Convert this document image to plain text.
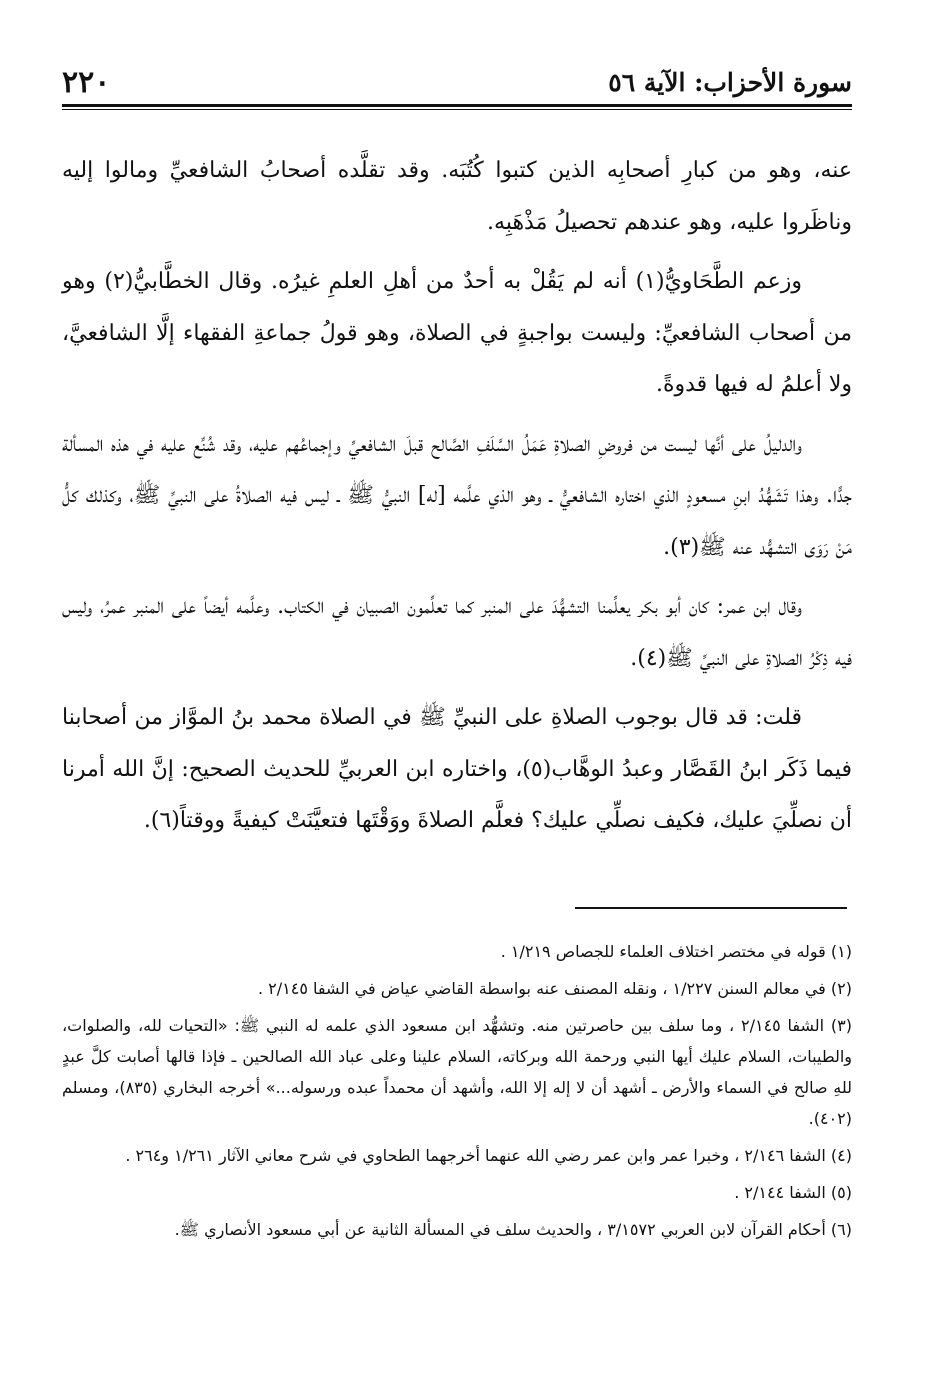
٢٢٠	سورة الأحزاب: الآية ٥٦

عنه، وهو من كبارِ أصحابِه الذين كتبوا كُتُبَه. وقد تقلَّده أصحابُ الشافعيِّ ومالوا إليه وناظَروا عليه، وهو عندهم تحصيلُ مَذْهَبِه.

وزعم الطَّحَاويُّ(١) أنه لم يَقُلْ به أحدٌ من أهلِ العلمِ غيرُه. وقال الخطَّابيُّ(٢) وهو من أصحاب الشافعيِّ: وليست بواجبةٍ في الصلاة، وهو قولُ جماعةِ الفقهاء إلَّا الشافعيَّ، ولا أعلمُ له فيها قدوةً.

والدليلُ على أنَّها ليست من فروضِ الصلاةِ عَمَلُ السَّلَفِ الصَّالح قبلَ الشافعيِّ وإجماعُهم عليه، وقد شُنِّع عليه في هذه المسألة جدًّا. وهذا تَشَهُّدُ ابنِ مسعودٍ الذي اختاره الشافعيُّ ـ وهو الذي علَّمه [له] النبيُّ ﷺ ـ ليس فيه الصلاةُ على النبيِّ ﷺ، وكذلك كلُّ مَنْ رَوَى التشهُّد عنه ﷺ(٣).

وقال ابن عمر: كان أبو بكر يعلِّمنا التشهُّدَ على المنبر كما تعلِّمون الصبيان في الكتاب. وعلَّمه أيضاً على المنبر عمرُ، وليس فيه ذِكْرُ الصلاةِ على النبيِّ ﷺ(٤).

قلت: قد قال بوجوب الصلاةِ على النبيِّ ﷺ في الصلاة محمد بنُ الموَّاز من أصحابنا فيما ذَكَر ابنُ القَصَّار وعبدُ الوهَّاب(٥)، واختاره ابن العربيِّ للحديث الصحيح: إنَّ الله أمرنا أن نصلِّيَ عليك، فكيف نصلِّي عليك؟ فعلَّم الصلاةَ ووَقْتَها فتعيَّنَتْ كيفيةً ووقتاً(٦).

(١) قوله في مختصر اختلاف العلماء للجصاص ١/٢١٩ .

(٢) في معالم السنن ١/٢٢٧ ، ونقله المصنف عنه بواسطة القاضي عياض في الشفا ٢/١٤٥ .

(٣) الشفا ٢/١٤٥ ، وما سلف بين حاصرتين منه. وتشهُّد ابن مسعود الذي علمه له النبي ﷺ: «التحيات لله، والصلوات، والطيبات، السلام عليك أيها النبي ورحمة الله وبركاته، السلام علينا وعلى عباد الله الصالحين ـ فإذا قالها أصابت كلَّ عبدٍ للهِ صالح في السماء والأرض ـ أشهد أن لا إله إلا الله، وأشهد أن محمداً عبده ورسوله...» أخرجه البخاري (٨٣٥)، ومسلم (٤٠٢).

(٤) الشفا ٢/١٤٦ ، وخبرا عمر وابن عمر رضي الله عنهما أخرجهما الطحاوي في شرح معاني الآثار ١/٢٦١ و٢٦٤ .

(٥) الشفا ٢/١٤٤ .

(٦) أحكام القرآن لابن العربي ٣/١٥٧٢ ، والحديث سلف في المسألة الثانية عن أبي مسعود الأنصاري ﷺ.
